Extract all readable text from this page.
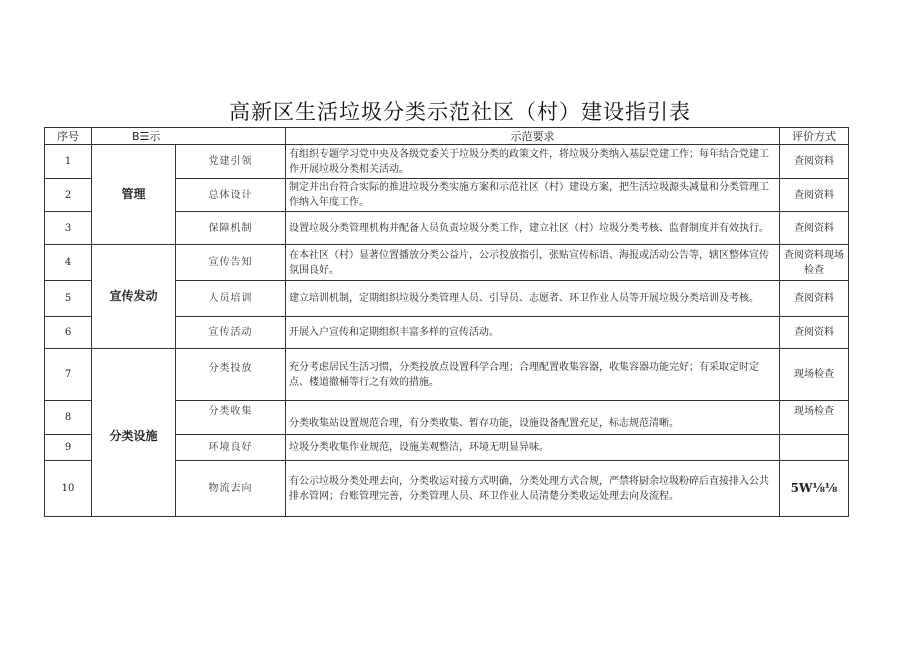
高新区生活垃圾分类示范社区（村）建设指引表
序号	B☰示		示范要求	评价方式
1	管理	党建引领	有组织专题学习党中央及各级党委关于垃圾分类的政策文件，将垃圾分类纳入基层党建工作；每年结合党建工作开展垃圾分类相关活动。	查阅资料
2		总体设计	制定并出台符合实际的推进垃圾分类实施方案和示范社区（村）建设方案，把生活垃圾源头减量和分类管理工作纳入年度工作。	查阅资料
3		保障机制	设置垃圾分类管理机构并配备人员负责垃圾分类工作，建立社区（村）垃圾分类考核、监督制度并有效执行。	查阅资料
4	宣传发动	宣传告知	在本社区（村）显著位置播放分类公益片，公示投放指引，张贴宣传标语、海报或活动公告等，辖区整体宣传氛围良好。	查阅资料现场检查
5		人员培训	建立培训机制，定期组织垃圾分类管理人员、引导员、志愿者、环卫作业人员等开展垃圾分类培训及考核。	查阅资料
6		宣传活动	开展入户宣传和定期组织丰富多样的宣传活动。	查阅资料
7	分类设施	分类投放	充分考虑居民生活习惯，分类投放点设置科学合理；合理配置收集容器，收集容器功能完好；有采取定时定点、楼道撤桶等行之有效的措施。	现场检查
8		分类收集	分类收集站设置规范合理，有分类收集、暂存功能，设施设备配置充足，标志规范清晰。	现场检查
9		环境良好	垃圾分类收集作业规范，设施美观整洁，环境无明显异味。	
10		物流去向	有公示垃圾分类处理去向，分类收运对接方式明确，分类处理方式合规，严禁将厨余垃圾粉碎后直接排入公共排水管网；台账管理完善，分类管理人员、环卫作业人员清楚分类收运处理去向及流程。	5W⅛⅛
